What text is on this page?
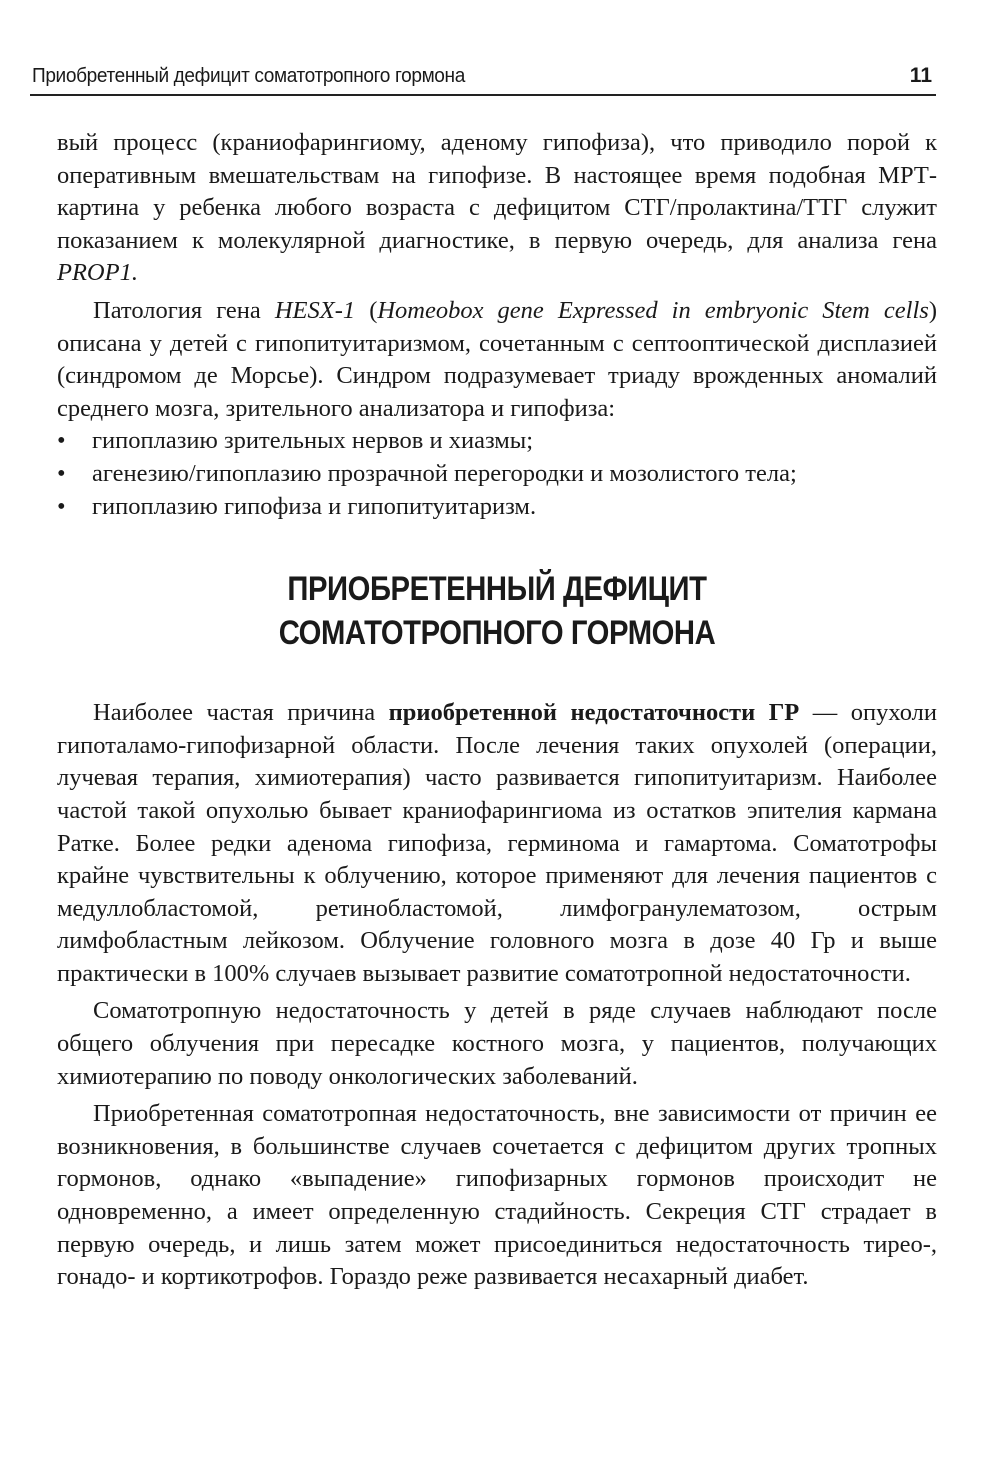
Приобретенный дефицит соматотропного гормона	11

вый процесс (краниофарингиому, аденому гипофиза), что приводило порой к оперативным вмешательствам на гипофизе. В настоящее время подобная МРТ-картина у ребенка любого возраста с дефицитом СТГ/пролактина/ТТГ служит показанием к молекулярной диагностике, в первую очередь, для анализа гена PROP1.

Патология гена HESX-1 (Homeobox gene Expressed in embryonic Stem cells) описана у детей с гипопитуитаризмом, сочетанным с септооптической дисплазией (синдромом де Морсье). Синдром подразумевает триаду врожденных аномалий среднего мозга, зрительного анализатора и гипофиза:

• гипоплазию зрительных нервов и хиазмы;
• агенезию/гипоплазию прозрачной перегородки и мозолистого тела;
• гипоплазию гипофиза и гипопитуитаризм.
ПРИОБРЕТЕННЫЙ ДЕФИЦИТ
СОМАТОТРОПНОГО ГОРМОНА

Наиболее частая причина приобретенной недостаточности ГР — опухоли гипоталамо-гипофизарной области. После лечения таких опухолей (операции, лучевая терапия, химиотерапия) часто развивается гипопитуитаризм. Наиболее частой такой опухолью бывает краниофарингиома из остатков эпителия кармана Ратке. Более редки аденома гипофиза, герминома и гамартома. Соматотрофы крайне чувствительны к облучению, которое применяют для лечения пациентов с медуллобластомой, ретинобластомой, лимфогранулематозом, острым лимфобластным лейкозом. Облучение головного мозга в дозе 40 Гр и выше практически в 100% случаев вызывает развитие соматотропной недостаточности.

Соматотропную недостаточность у детей в ряде случаев наблюдают после общего облучения при пересадке костного мозга, у пациентов, получающих химиотерапию по поводу онкологических заболеваний.

Приобретенная соматотропная недостаточность, вне зависимости от причин ее возникновения, в большинстве случаев сочетается с дефицитом других тропных гормонов, однако «выпадение» гипофизарных гормонов происходит не одновременно, а имеет определенную стадийность. Секреция СТГ страдает в первую очередь, и лишь затем может присоединиться недостаточность тирео-, гонадо- и кортикотрофов. Гораздо реже развивается несахарный диабет.
